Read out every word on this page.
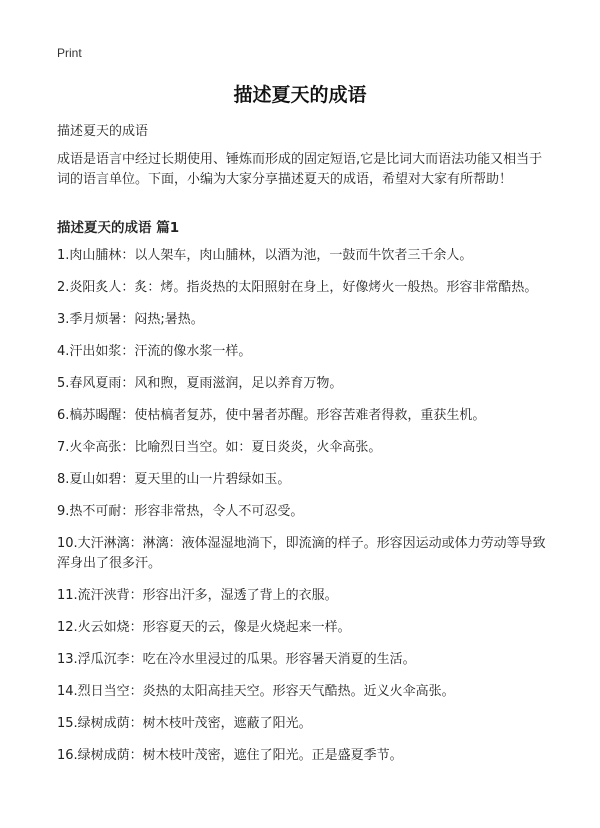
Print
描述夏天的成语
描述夏天的成语
成语是语言中经过长期使用、锤炼而形成的固定短语,它是比词大而语法功能又相当于词的语言单位。下面，小编为大家分享描述夏天的成语，希望对大家有所帮助！
描述夏天的成语 篇1
1.肉山脯林：以人架车，肉山脯林，以酒为池，一鼓而牛饮者三千余人。
2.炎阳炙人：炙：烤。指炎热的太阳照射在身上，好像烤火一般热。形容非常酷热。
3.季月烦暑：闷热;暑热。
4.汗出如浆：汗流的像水浆一样。
5.春风夏雨：风和煦，夏雨滋润，足以养育万物。
6.槁苏暍醒：使枯槁者复苏，使中暑者苏醒。形容苦难者得救，重获生机。
7.火伞高张：比喻烈日当空。如：夏日炎炎，火伞高张。
8.夏山如碧：夏天里的山一片碧绿如玉。
9.热不可耐：形容非常热，令人不可忍受。
10.大汗淋漓：淋漓：液体湿湿地淌下，即流滴的样子。形容因运动或体力劳动等导致浑身出了很多汗。
11.流汗浃背：形容出汗多，湿透了背上的衣服。
12.火云如烧：形容夏天的云，像是火烧起来一样。
13.浮瓜沉李：吃在冷水里浸过的瓜果。形容暑天消夏的生活。
14.烈日当空：炎热的太阳高挂天空。形容天气酷热。近义火伞高张。
15.绿树成荫：树木枝叶茂密，遮蔽了阳光。
16.绿树成荫：树木枝叶茂密，遮住了阳光。正是盛夏季节。
